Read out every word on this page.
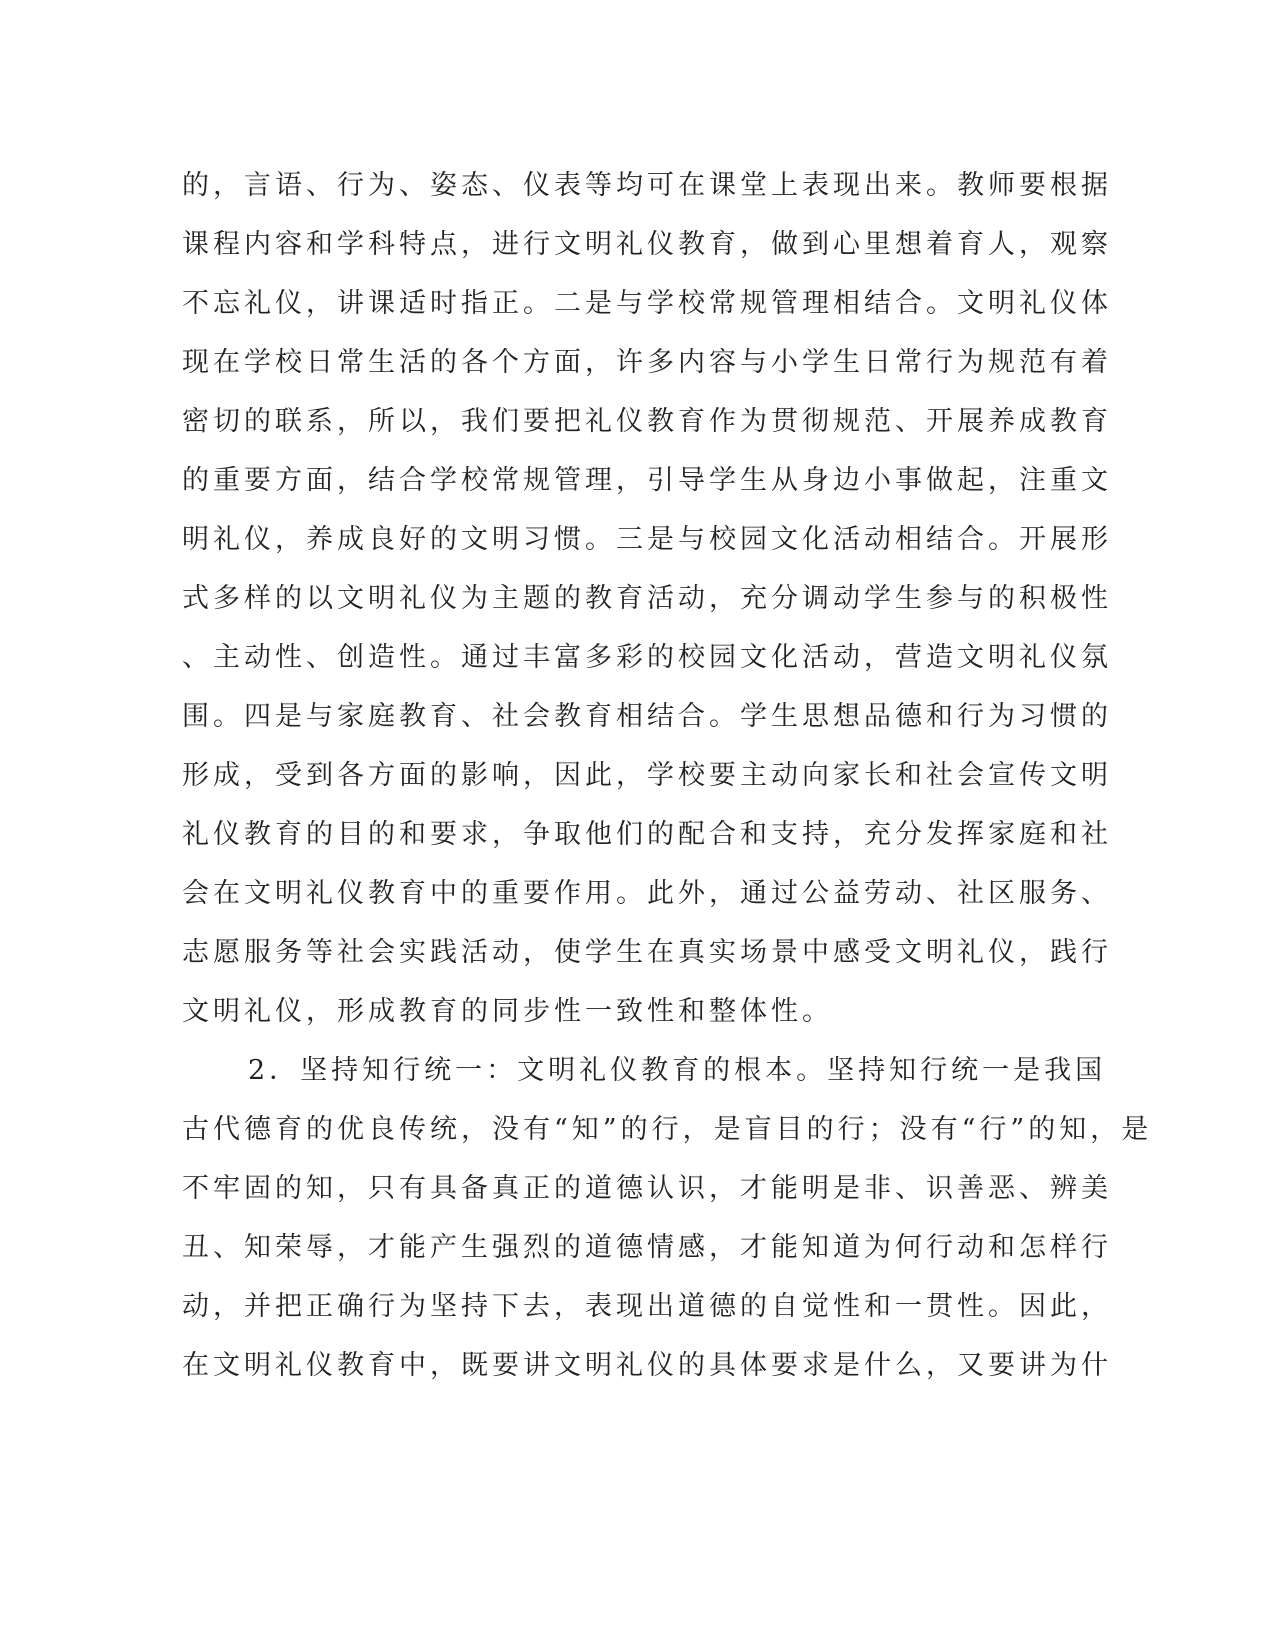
的，言语、行为、姿态、仪表等均可在课堂上表现出来。教师要根据
课程内容和学科特点，进行文明礼仪教育，做到心里想着育人，观察
不忘礼仪，讲课适时指正。二是与学校常规管理相结合。文明礼仪体
现在学校日常生活的各个方面，许多内容与小学生日常行为规范有着
密切的联系，所以，我们要把礼仪教育作为贯彻规范、开展养成教育
的重要方面，结合学校常规管理，引导学生从身边小事做起，注重文
明礼仪，养成良好的文明习惯。三是与校园文化活动相结合。开展形
式多样的以文明礼仪为主题的教育活动，充分调动学生参与的积极性
、主动性、创造性。通过丰富多彩的校园文化活动，营造文明礼仪氛
围。四是与家庭教育、社会教育相结合。学生思想品德和行为习惯的
形成，受到各方面的影响，因此，学校要主动向家长和社会宣传文明
礼仪教育的目的和要求，争取他们的配合和支持，充分发挥家庭和社
会在文明礼仪教育中的重要作用。此外，通过公益劳动、社区服务、
志愿服务等社会实践活动，使学生在真实场景中感受文明礼仪，践行
文明礼仪，形成教育的同步性一致性和整体性。
2．坚持知行统一：文明礼仪教育的根本。坚持知行统一是我国
古代德育的优良传统，没有“知”的行，是盲目的行；没有“行”的知，是
不牢固的知，只有具备真正的道德认识，才能明是非、识善恶、辨美
丑、知荣辱，才能产生强烈的道德情感，才能知道为何行动和怎样行
动，并把正确行为坚持下去，表现出道德的自觉性和一贯性。因此，
在文明礼仪教育中，既要讲文明礼仪的具体要求是什么，又要讲为什
